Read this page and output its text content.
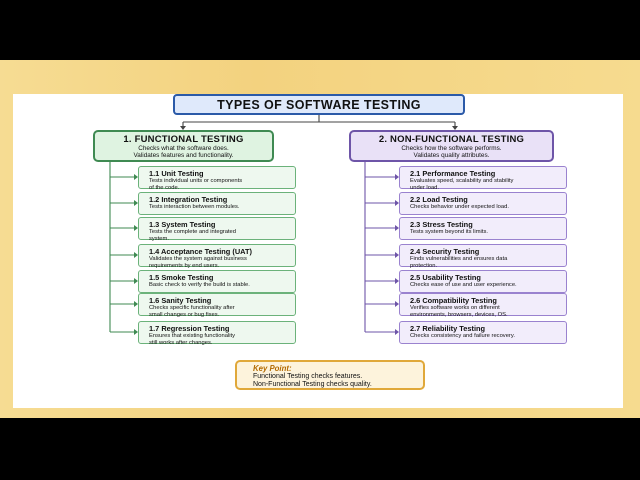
TYPES OF SOFTWARE TESTING
1. FUNCTIONAL TESTING
Checks what the software does.
Validates features and functionality.
2. NON-FUNCTIONAL TESTING
Checks how the software performs.
Validates quality attributes.
1.1 Unit Testing
Tests individual units or components
of the code.
1.2 Integration Testing
Tests interaction between modules.
1.3 System Testing
Tests the complete and integrated
system.
1.4 Acceptance Testing (UAT)
Validates the system against business
requirements by end users.
1.5 Smoke Testing
Basic check to verify the build is stable.
1.6 Sanity Testing
Checks specific functionality after
small changes or bug fixes.
1.7 Regression Testing
Ensures that existing functionality
still works after changes.
2.1 Performance Testing
Evaluates speed, scalability and stability
under load.
2.2 Load Testing
Checks behavior under expected load.
2.3 Stress Testing
Tests system beyond its limits.
2.4 Security Testing
Finds vulnerabilities and ensures data
protection.
2.5 Usability Testing
Checks ease of use and user experience.
2.6 Compatibility Testing
Verifies software works on different
environments, browsers, devices, OS.
2.7 Reliability Testing
Checks consistency and failure recovery.
Key Point:
Functional Testing checks features.
Non-Functional Testing checks quality.
